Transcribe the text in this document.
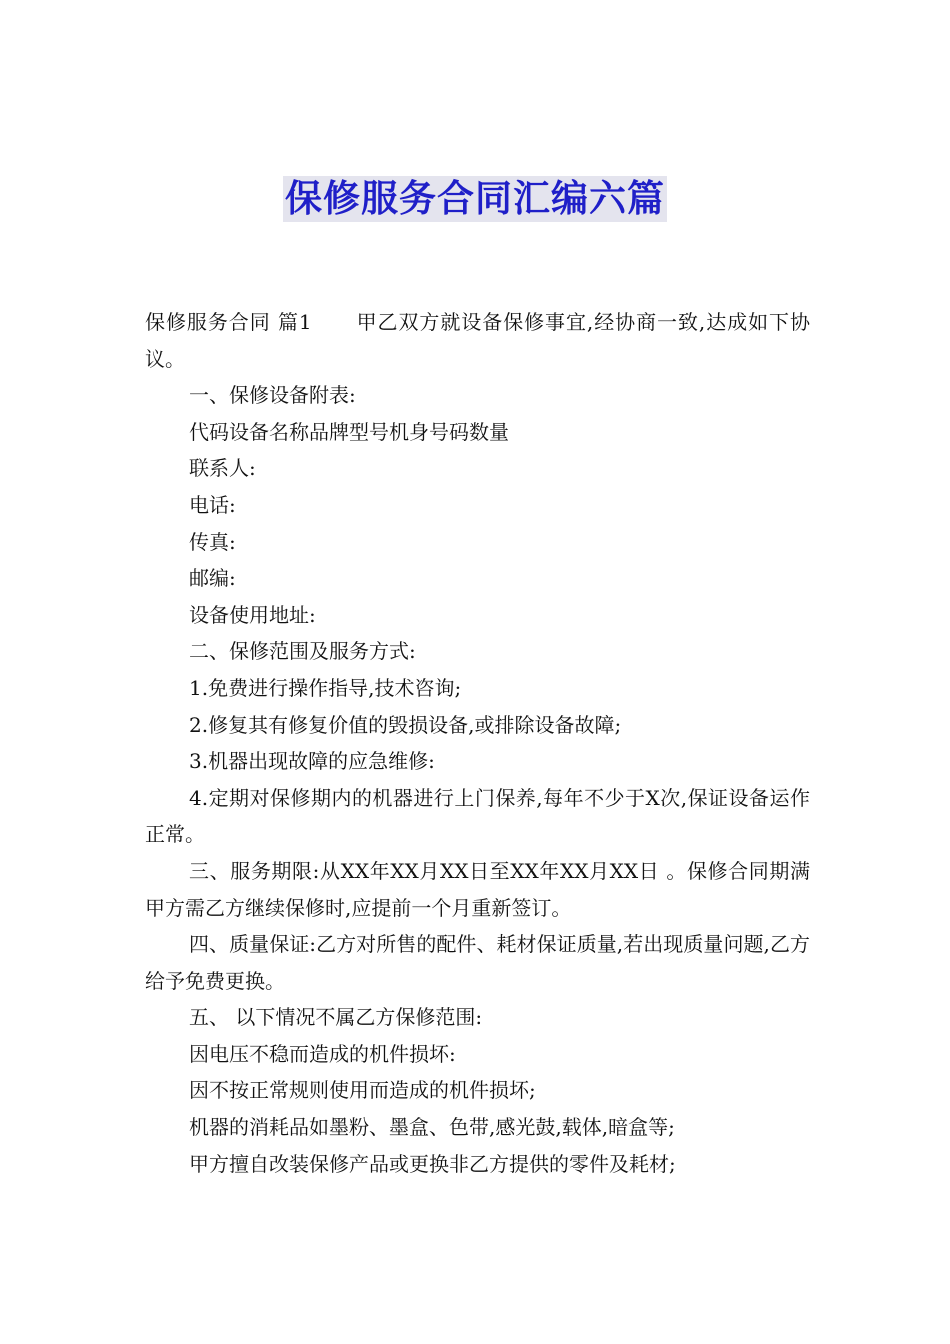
保修服务合同汇编六篇

保修服务合同 篇1 甲乙双方就设备保修事宜,经协商一致,达成如下协议。

一、保修设备附表:

代码设备名称品牌型号机身号码数量

联系人:

电话:

传真:

邮编:

设备使用地址:

二、保修范围及服务方式:

1.免费进行操作指导,技术咨询;

2.修复其有修复价值的毁损设备,或排除设备故障;

3.机器出现故障的应急维修:

4.定期对保修期内的机器进行上门保养,每年不少于X次,保证设备运作正常。

三、服务期限:从XX年XX月XX日至XX年XX月XX日 。保修合同期满甲方需乙方继续保修时,应提前一个月重新签订。

四、质量保证:乙方对所售的配件、耗材保证质量,若出现质量问题,乙方给予免费更换。

五、 以下情况不属乙方保修范围:

因电压不稳而造成的机件损坏:

因不按正常规则使用而造成的机件损坏;

机器的消耗品如墨粉、墨盒、色带,感光鼓,载体,暗盒等;

甲方擅自改装保修产品或更换非乙方提供的零件及耗材;
